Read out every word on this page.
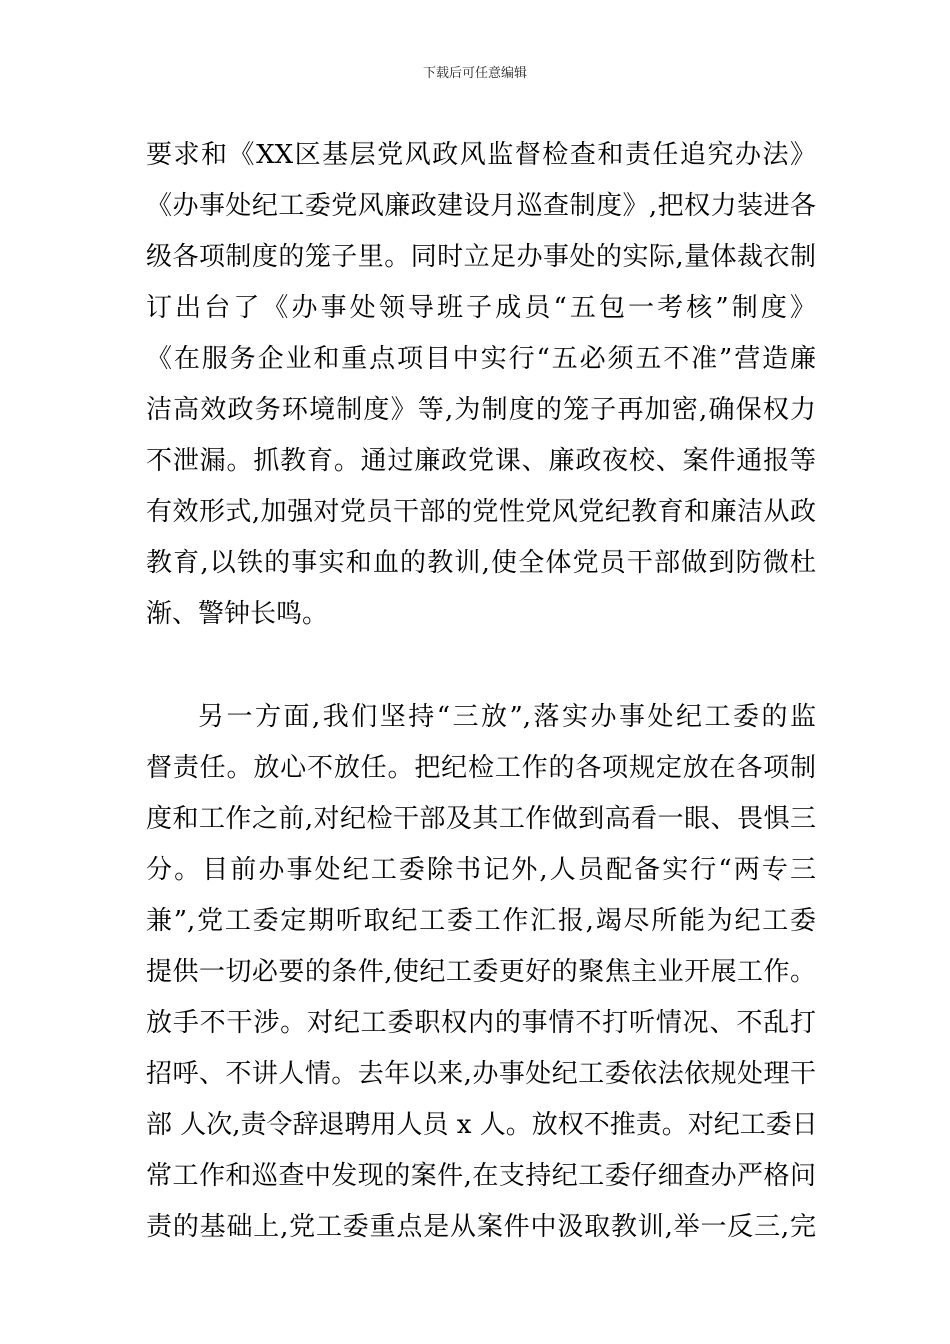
下载后可任意编辑
要求和《XX区基层党风政风监督检查和责任追究办法》
《办事处纪工委党风廉政建设月巡查制度》,把权力装进各
级各项制度的笼子里。同时立足办事处的实际,量体裁衣制
订出台了《办事处领导班子成员“五包一考核”制度》
《在服务企业和重点项目中实行“五必须五不准”营造廉
洁高效政务环境制度》等,为制度的笼子再加密,确保权力
不泄漏。抓教育。通过廉政党课、廉政夜校、案件通报等
有效形式,加强对党员干部的党性党风党纪教育和廉洁从政
教育,以铁的事实和血的教训,使全体党员干部做到防微杜
渐、警钟长鸣。
另一方面,我们坚持“三放”,落实办事处纪工委的监
督责任。放心不放任。把纪检工作的各项规定放在各项制
度和工作之前,对纪检干部及其工作做到高看一眼、畏惧三
分。目前办事处纪工委除书记外,人员配备实行“两专三
兼”,党工委定期听取纪工委工作汇报,竭尽所能为纪工委
提供一切必要的条件,使纪工委更好的聚焦主业开展工作。
放手不干涉。对纪工委职权内的事情不打听情况、不乱打
招呼、不讲人情。去年以来,办事处纪工委依法依规处理干
部 人次,责令辞退聘用人员 x 人。放权不推责。对纪工委日
常工作和巡查中发现的案件,在支持纪工委仔细查办严格问
责的基础上,党工委重点是从案件中汲取教训,举一反三,完
